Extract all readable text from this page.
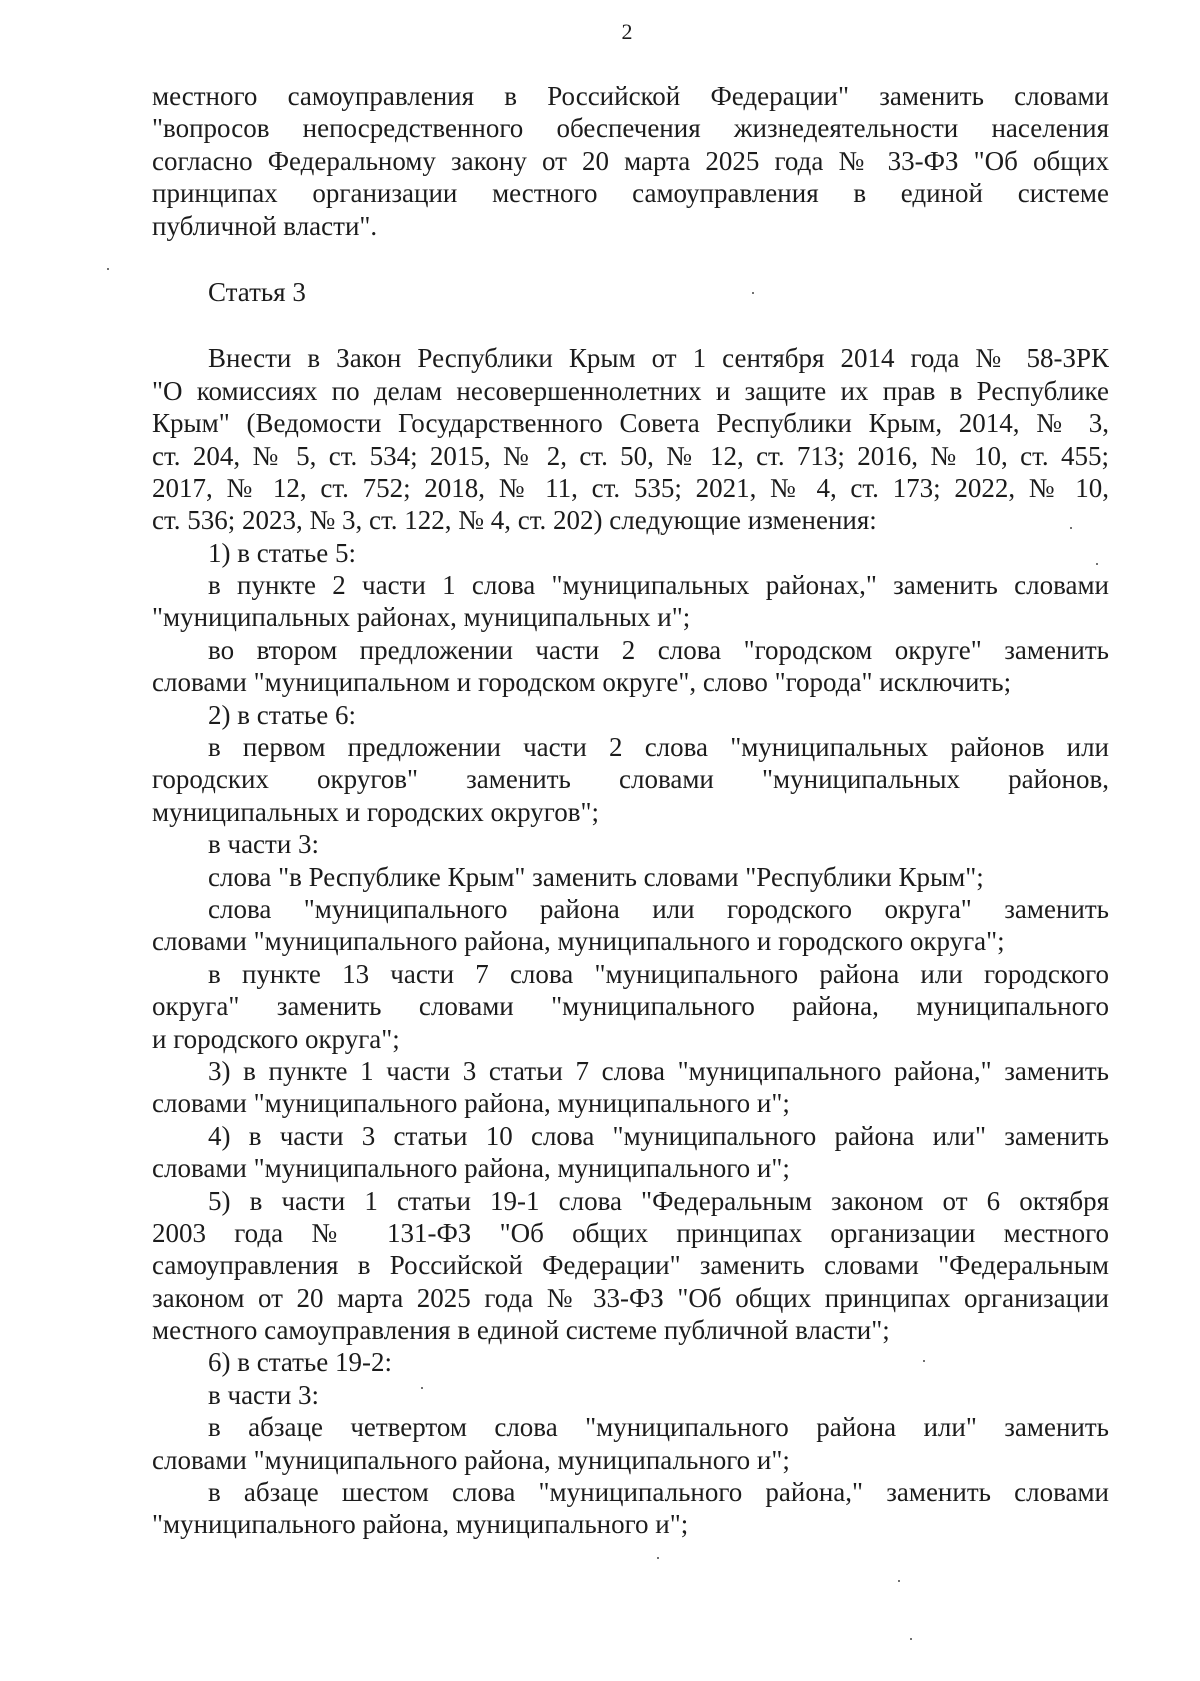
2
местного самоуправления в Российской Федерации" заменить словами
"вопросов непосредственного обеспечения жизнедеятельности населения
согласно Федеральному закону от 20 марта 2025 года № 33-ФЗ "Об общих
принципах организации местного самоуправления в единой системе
публичной власти".
Статья 3
Внести в Закон Республики Крым от 1 сентября 2014 года № 58-ЗРК
"О комиссиях по делам несовершеннолетних и защите их прав в Республике
Крым" (Ведомости Государственного Совета Республики Крым, 2014, № 3,
ст. 204, № 5, ст. 534; 2015, № 2, ст. 50, № 12, ст. 713; 2016, № 10, ст. 455;
2017, № 12, ст. 752; 2018, № 11, ст. 535; 2021, № 4, ст. 173; 2022, № 10,
ст. 536; 2023, № 3, ст. 122, № 4, ст. 202) следующие изменения:
1) в статье 5:
в пункте 2 части 1 слова "муниципальных районах," заменить словами
"муниципальных районах, муниципальных и";
во втором предложении части 2 слова "городском округе" заменить
словами "муниципальном и городском округе", слово "города" исключить;
2) в статье 6:
в первом предложении части 2 слова "муниципальных районов или
городских округов" заменить словами "муниципальных районов,
муниципальных и городских округов";
в части 3:
слова "в Республике Крым" заменить словами "Республики Крым";
слова "муниципального района или городского округа" заменить
словами "муниципального района, муниципального и городского округа";
в пункте 13 части 7 слова "муниципального района или городского
округа" заменить словами "муниципального района, муниципального
и городского округа";
3) в пункте 1 части 3 статьи 7 слова "муниципального района," заменить
словами "муниципального района, муниципального и";
4) в части 3 статьи 10 слова "муниципального района или" заменить
словами "муниципального района, муниципального и";
5) в части 1 статьи 19-1 слова "Федеральным законом от 6 октября
2003 года № 131-ФЗ "Об общих принципах организации местного
самоуправления в Российской Федерации" заменить словами "Федеральным
законом от 20 марта 2025 года № 33-ФЗ "Об общих принципах организации
местного самоуправления в единой системе публичной власти";
6) в статье 19-2:
в части 3:
в абзаце четвертом слова "муниципального района или" заменить
словами "муниципального района, муниципального и";
в абзаце шестом слова "муниципального района," заменить словами
"муниципального района, муниципального и";
